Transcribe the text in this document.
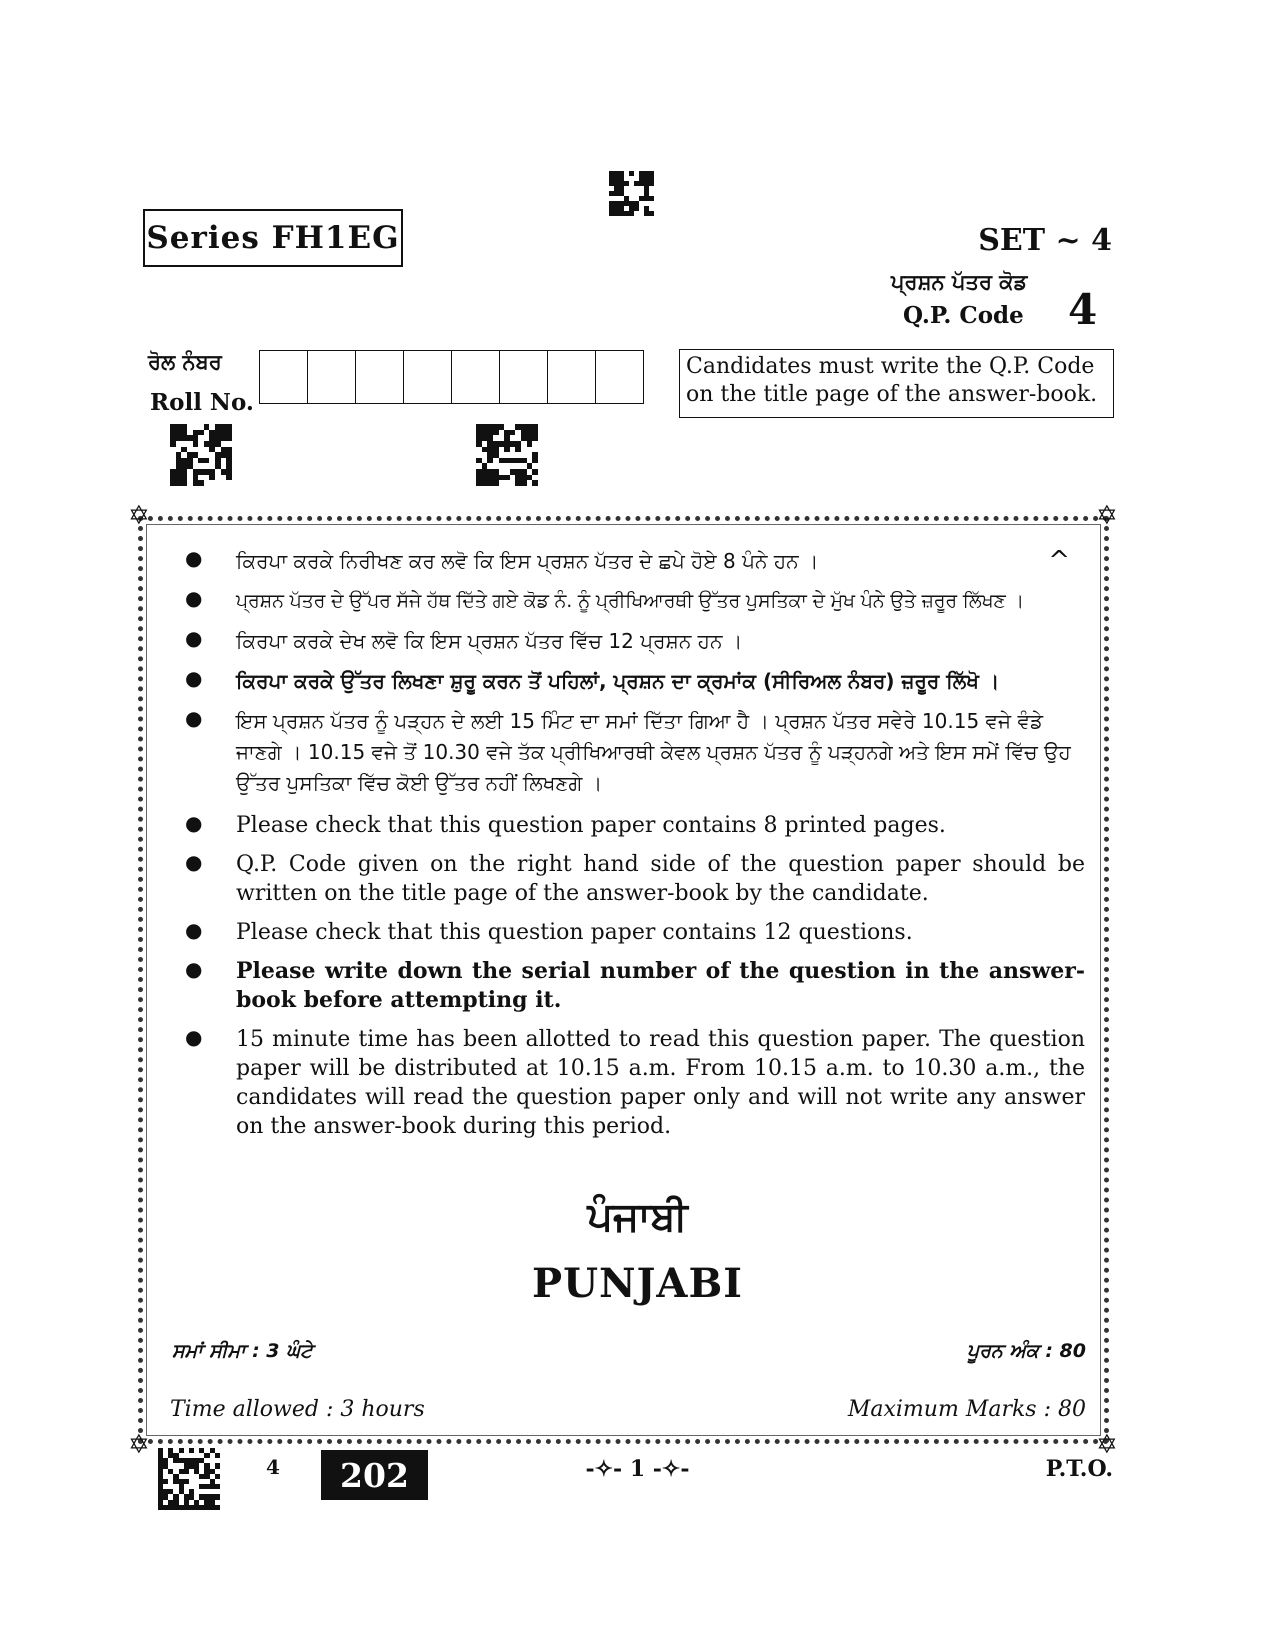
Series FH1EG	SET ~ 4
ਪ੍ਰਸ਼ਨ ਪੱਤਰ ਕੋਡ
Q.P. Code 4
ਰੋਲ ਨੰਬਰ
Roll No.
Candidates must write the Q.P. Code on the title page of the answer-book.
✡	✡
✡	✡
●	ਕਿਰਪਾ ਕਰਕੇ ਨਿਰੀਖਣ ਕਰ ਲਵੋ ਕਿ ਇਸ ਪ੍ਰਸ਼ਨ ਪੱਤਰ ਦੇ ਛਪੇ ਹੋਏ 8 ਪੰਨੇ ਹਨ ।	^
●	ਪ੍ਰਸ਼ਨ ਪੱਤਰ ਦੇ ਉੱਪਰ ਸੱਜੇ ਹੱਥ ਦਿੱਤੇ ਗਏ ਕੋਡ ਨੰ. ਨੂੰ ਪ੍ਰੀਖਿਆਰਥੀ ਉੱਤਰ ਪੁਸਤਿਕਾ ਦੇ ਮੁੱਖ ਪੰਨੇ ਉਤੇ ਜ਼ਰੂਰ ਲਿੱਖਣ ।
●	ਕਿਰਪਾ ਕਰਕੇ ਦੇਖ ਲਵੋ ਕਿ ਇਸ ਪ੍ਰਸ਼ਨ ਪੱਤਰ ਵਿੱਚ 12 ਪ੍ਰਸ਼ਨ ਹਨ ।
●	ਕਿਰਪਾ ਕਰਕੇ ਉੱਤਰ ਲਿਖਣਾ ਸ਼ੁਰੂ ਕਰਨ ਤੋਂ ਪਹਿਲਾਂ, ਪ੍ਰਸ਼ਨ ਦਾ ਕ੍ਰਮਾਂਕ (ਸੀਰਿਅਲ ਨੰਬਰ) ਜ਼ਰੂਰ ਲਿੱਖੋ ।
●	ਇਸ ਪ੍ਰਸ਼ਨ ਪੱਤਰ ਨੂੰ ਪੜ੍ਹਨ ਦੇ ਲਈ 15 ਮਿੰਟ ਦਾ ਸਮਾਂ ਦਿੱਤਾ ਗਿਆ ਹੈ । ਪ੍ਰਸ਼ਨ ਪੱਤਰ ਸਵੇਰੇ 10.15 ਵਜੇ ਵੰਡੇ ਜਾਣਗੇ । 10.15 ਵਜੇ ਤੋਂ 10.30 ਵਜੇ ਤੱਕ ਪ੍ਰੀਖਿਆਰਥੀ ਕੇਵਲ ਪ੍ਰਸ਼ਨ ਪੱਤਰ ਨੂੰ ਪੜ੍ਹਨਗੇ ਅਤੇ ਇਸ ਸਮੇਂ ਵਿੱਚ ਉਹ ਉੱਤਰ ਪੁਸਤਿਕਾ ਵਿੱਚ ਕੋਈ ਉੱਤਰ ਨਹੀਂ ਲਿਖਣਗੇ ।
●	Please check that this question paper contains 8 printed pages.
●	Q.P. Code given on the right hand side of the question paper should be written on the title page of the answer-book by the candidate.
●	Please check that this question paper contains 12 questions.
●	Please write down the serial number of the question in the answer-book before attempting it.
●	15 minute time has been allotted to read this question paper. The question paper will be distributed at 10.15 a.m. From 10.15 a.m. to 10.30 a.m., the candidates will read the question paper only and will not write any answer on the answer-book during this period.
ਪੰਜਾਬੀ
PUNJABI
ਸਮਾਂ ਸੀਮਾ : 3 ਘੰਟੇ	ਪੂਰਨ ਅੰਕ : 80
Time allowed : 3 hours	Maximum Marks : 80
4 202	-✧- 1 -✧-	P.T.O.
